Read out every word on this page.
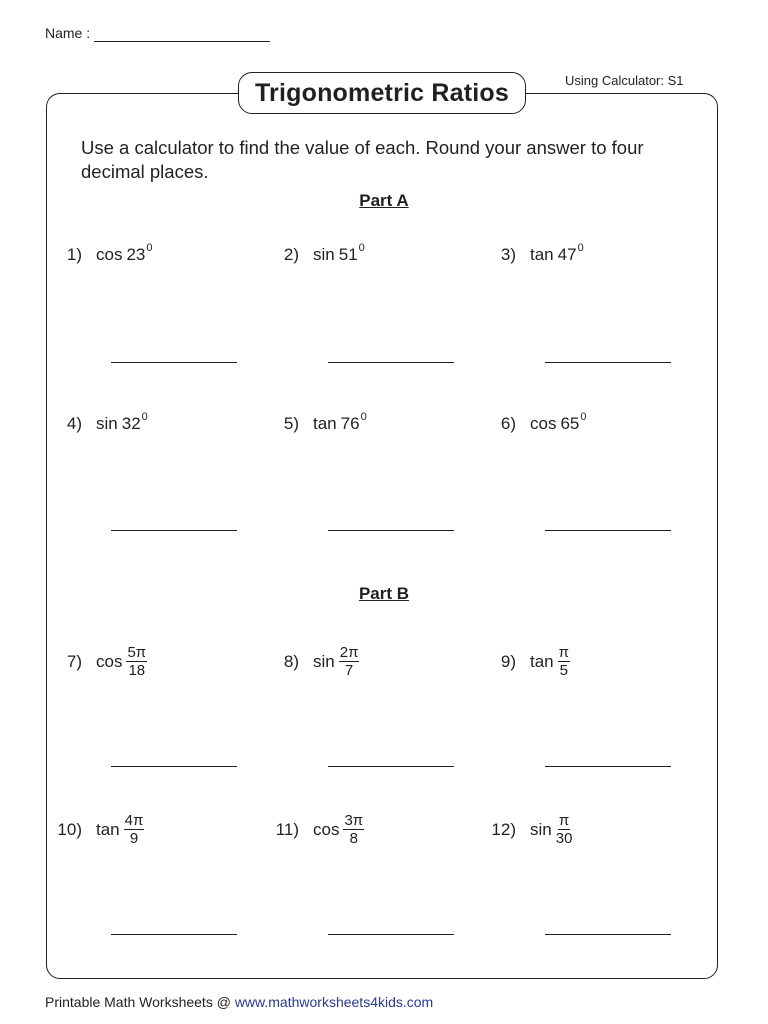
Name :
Trigonometric Ratios	Using Calculator: S1
Use a calculator to find the value of each. Round your answer to four decimal places.
Part A
Part B
1) cos 23 0	2) sin 51 0	3) tan 47 0
4) sin 32 0	5) tan 76 0	6) cos 65 0
7) $\cos \frac{5\pi}{18}$	8) $\sin \frac{2\pi}{7}$	9) $\tan \frac{\pi}{5}$
10) $\tan \frac{4\pi}{9}$	11) $\cos \frac{3\pi}{8}$	12) $\sin \frac{\pi}{30}$
Printable Math Worksheets @ www.mathworksheets4kids.com
